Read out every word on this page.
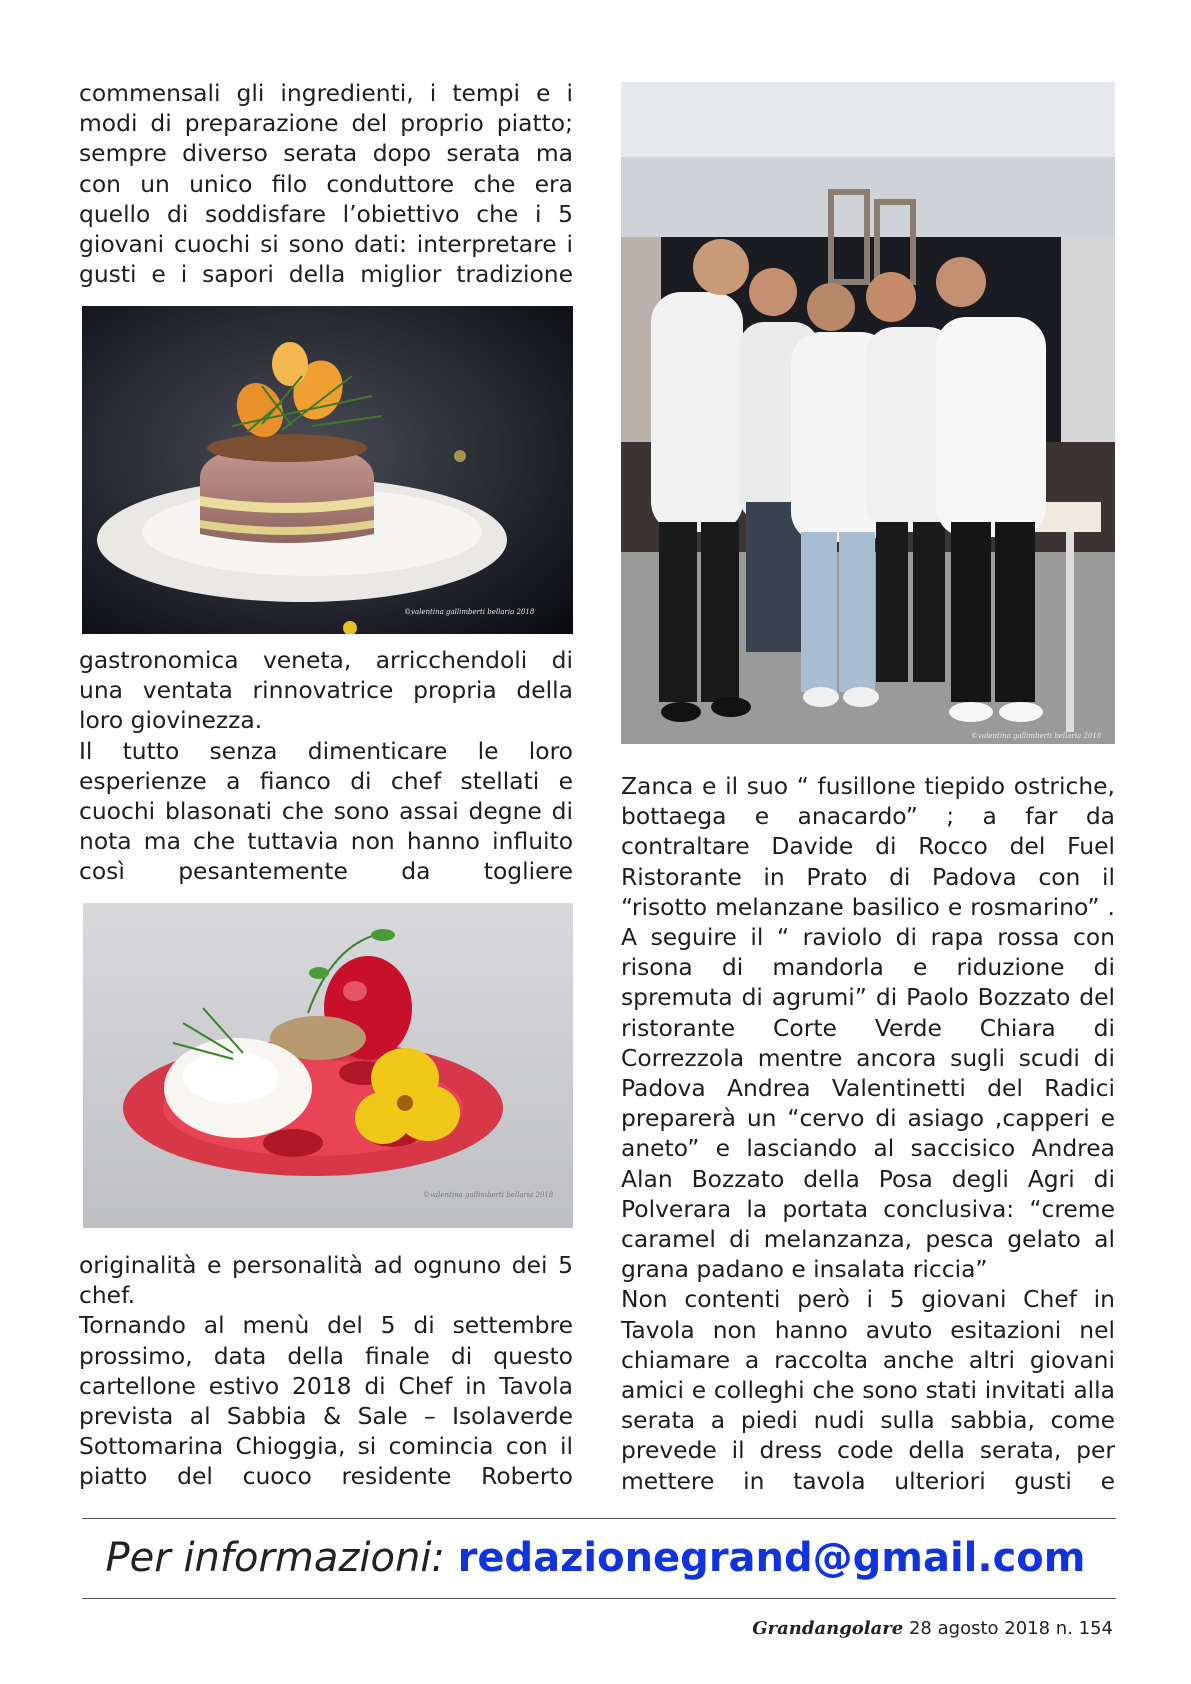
commensali gli ingredienti, i tempi e i modi di preparazione del proprio piatto; sempre diverso serata dopo serata ma con un unico filo conduttore che era quello di soddisfare l’obiettivo che i 5 giovani cuochi si sono dati: interpretare i gusti e i sapori della miglior tradizione

gastronomica veneta, arricchendoli di una ventata rinnovatrice propria della loro giovinezza.

Il tutto senza dimenticare le loro esperienze a fianco di chef stellati e cuochi blasonati che sono assai degne di nota ma che tuttavia non hanno influito così pesantemente da togliere

originalità e personalità ad ognuno dei 5 chef.

Tornando al menù del 5 di settembre prossimo, data della finale di questo cartellone estivo 2018 di Chef in Tavola prevista al Sabbia & Sale – Isolaverde Sottomarina Chioggia, si comincia con il piatto del cuoco residente Roberto

Zanca e il suo “ fusillone tiepido ostriche, bottaega e anacardo” ; a far da contraltare Davide di Rocco del Fuel Ristorante in Prato di Padova con il “risotto melanzane basilico e rosmarino” . A seguire il “ raviolo di rapa rossa con risona di mandorla e riduzione di spremuta di agrumi” di Paolo Bozzato del ristorante Corte Verde Chiara di Correzzola mentre ancora sugli scudi di Padova Andrea Valentinetti del Radici preparerà un “cervo di asiago ,capperi e aneto” e lasciando al saccisico Andrea Alan Bozzato della Posa degli Agri di Polverara la portata conclusiva: “creme caramel di melanzanza, pesca gelato al grana padano e insalata riccia”

Non contenti però i 5 giovani Chef in Tavola non hanno avuto esitazioni nel chiamare a raccolta anche altri giovani amici e colleghi che sono stati invitati alla serata a piedi nudi sulla sabbia, come prevede il dress code della serata, per mettere in tavola ulteriori gusti e

©valentina gallimberti bellaria 2018
©valentina gallimberti bellaria 2018
©valentina gallimberti bellaria 2018
Per informazioni: redazionegrand@gmail.com
Grandangolare 28 agosto 2018 n. 154
